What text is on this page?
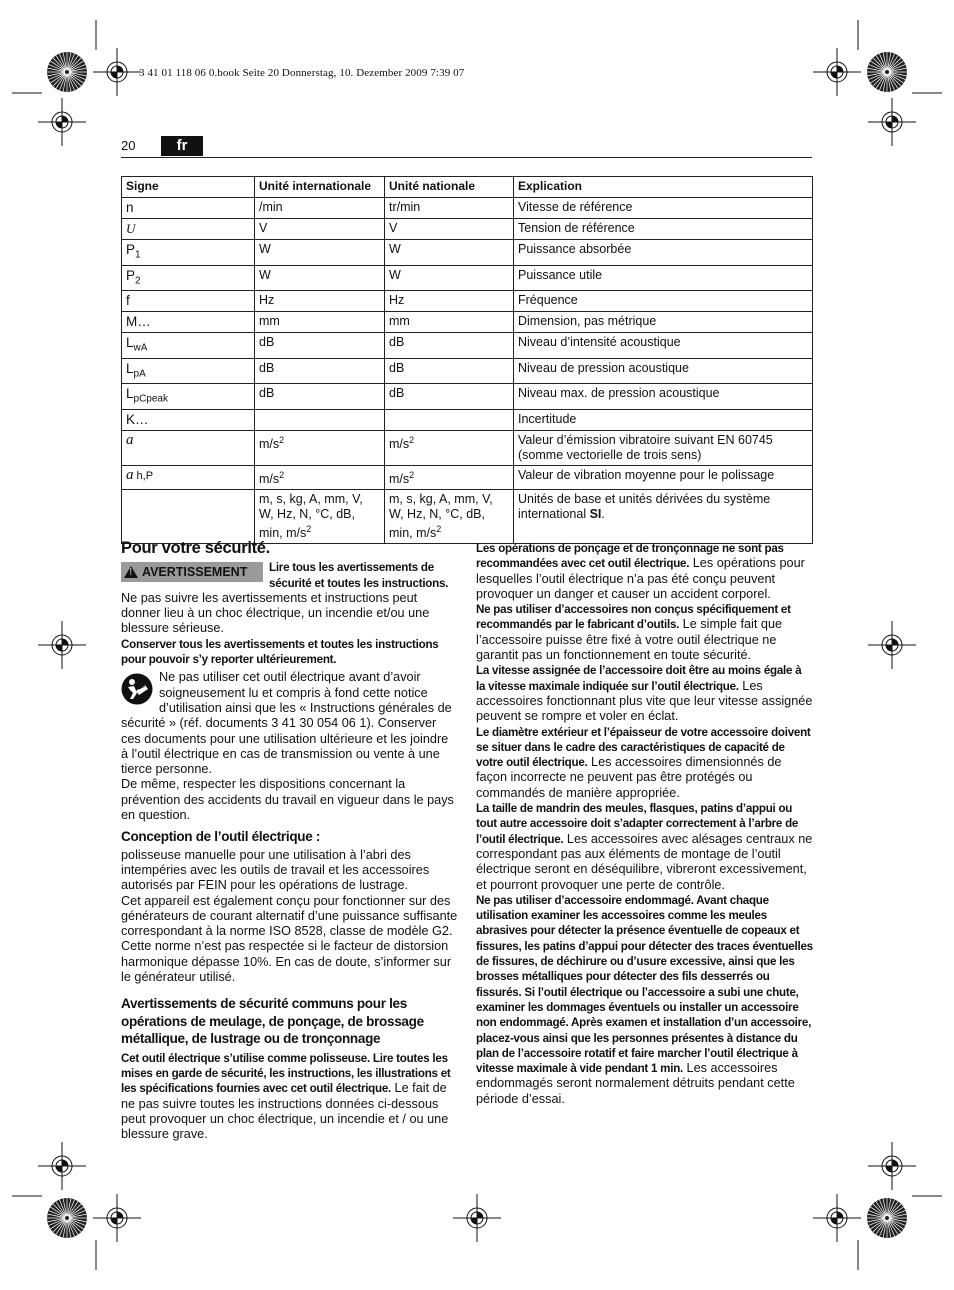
3 41 01 118 06 0.book Seite 20 Donnerstag, 10. Dezember 2009 7:39 07
20	fr
Signe	Unité internationale	Unité nationale	Explication
n	/min	tr/min	Vitesse de référence
U	V	V	Tension de référence
$P_1$	W	W	Puissance absorbée
$P_2$	W	W	Puissance utile
f	Hz	Hz	Fréquence
M…	mm	mm	Dimension, pas métrique
$L_{wA}$	dB	dB	Niveau d’intensité acoustique
$L_{pA}$	dB	dB	Niveau de pression acoustique
$L_{pCpeak}$	dB	dB	Niveau max. de pression acoustique
K…			Incertitude
a	$m/s^2$	$m/s^2$	Valeur d’émission vibratoire suivant EN 60745 (somme vectorielle de trois sens)
a h,P	$m/s^2$	$m/s^2$	Valeur de vibration moyenne pour le polissage
	m, s, kg, A, mm, V, W, Hz, N, °C, dB, min, $m/s^2$	m, s, kg, A, mm, V, W, Hz, N, °C, dB, min, $m/s^2$	Unités de base et unités dérivées du système international SI.
Pour votre sécurité.

!
AVERTISSEMENT Lire tous les avertissements de sécurité et toutes les instructions. Ne pas suivre les avertissements et instructions peut donner lieu à un choc électrique, un incendie et/ou une blessure sérieuse.

Conserver tous les avertissements et toutes les instructions pour pouvoir s’y reporter ultérieurement.

Ne pas utiliser cet outil électrique avant d’avoir soigneusement lu et compris à fond cette notice d’utilisation ainsi que les « Instructions générales de sécurité » (réf. documents 3 41 30 054 06 1). Conserver ces documents pour une utilisation ultérieure et les joindre à l’outil électrique en cas de transmission ou vente à une tierce personne.

De même, respecter les dispositions concernant la prévention des accidents du travail en vigueur dans le pays en question.

Conception de l’outil électrique :

polisseuse manuelle pour une utilisation à l’abri des intempéries avec les outils de travail et les accessoires autorisés par FEIN pour les opérations de lustrage.

Cet appareil est également conçu pour fonctionner sur des générateurs de courant alternatif d’une puissance suffisante correspondant à la norme ISO 8528, classe de modèle G2. Cette norme n’est pas respectée si le facteur de distorsion harmonique dépasse 10%. En cas de doute, s’informer sur le générateur utilisé.

Avertissements de sécurité communs pour les opérations de meulage, de ponçage, de brossage métallique, de lustrage ou de tronçonnage

Cet outil électrique s’utilise comme polisseuse. Lire toutes les mises en garde de sécurité, les instructions, les illustrations et les spécifications fournies avec cet outil électrique. Le fait de ne pas suivre toutes les instructions données ci-dessous peut provoquer un choc électrique, un incendie et / ou une blessure grave.

Les opérations de ponçage et de tronçonnage ne sont pas recommandées avec cet outil électrique. Les opérations pour lesquelles l’outil électrique n’a pas été conçu peuvent provoquer un danger et causer un accident corporel.

Ne pas utiliser d’accessoires non conçus spécifiquement et recommandés par le fabricant d’outils. Le simple fait que l’accessoire puisse être fixé à votre outil électrique ne garantit pas un fonctionnement en toute sécurité.

La vitesse assignée de l’accessoire doit être au moins égale à la vitesse maximale indiquée sur l’outil électrique. Les accessoires fonctionnant plus vite que leur vitesse assignée peuvent se rompre et voler en éclat.

Le diamètre extérieur et l’épaisseur de votre accessoire doivent se situer dans le cadre des caractéristiques de capacité de votre outil électrique. Les accessoires dimensionnés de façon incorrecte ne peuvent pas être protégés ou commandés de manière appropriée.

La taille de mandrin des meules, flasques, patins d’appui ou tout autre accessoire doit s’adapter correctement à l’arbre de l’outil électrique. Les accessoires avec alésages centraux ne correspondant pas aux éléments de montage de l’outil électrique seront en déséquilibre, vibreront excessivement, et pourront provoquer une perte de contrôle.

Ne pas utiliser d’accessoire endommagé. Avant chaque utilisation examiner les accessoires comme les meules abrasives pour détecter la présence éventuelle de copeaux et fissures, les patins d’appui pour détecter des traces éventuelles de fissures, de déchirure ou d’usure excessive, ainsi que les brosses métalliques pour détecter des fils desserrés ou fissurés. Si l’outil électrique ou l’accessoire a subi une chute, examiner les dommages éventuels ou installer un accessoire non endommagé. Après examen et installation d’un accessoire, placez-vous ainsi que les personnes présentes à distance du plan de l’accessoire rotatif et faire marcher l’outil électrique à vitesse maximale à vide pendant 1 min. Les accessoires endommagés seront normalement détruits pendant cette période d’essai.
